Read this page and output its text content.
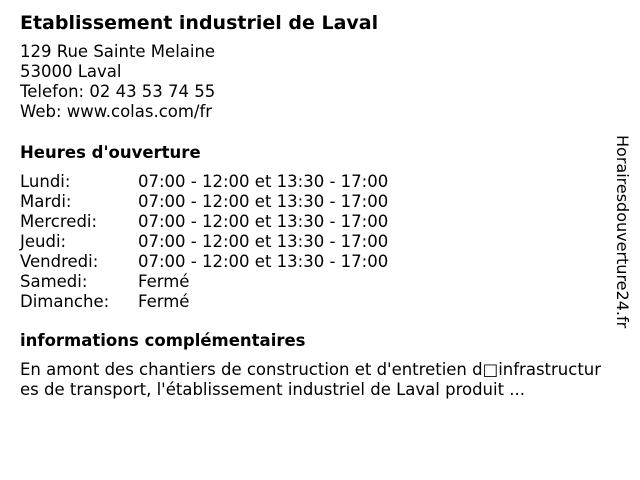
Etablissement industriel de Laval
129 Rue Sainte Melaine
53000 Laval
Telefon: 02 43 53 74 55
Web: www.colas.com/fr
Heures d'ouverture
Lundi:	07:00 - 12:00 et 13:30 - 17:00
Mardi:	07:00 - 12:00 et 13:30 - 17:00
Mercredi:	07:00 - 12:00 et 13:30 - 17:00
Jeudi:	07:00 - 12:00 et 13:30 - 17:00
Vendredi:	07:00 - 12:00 et 13:30 - 17:00
Samedi:	Fermé
Dimanche:	Fermé
informations complémentaires
En amont des chantiers de construction et d'entretien d□infrastructures de transport, l'établissement industriel de Laval produit ...
Horairesdouverture24.fr
